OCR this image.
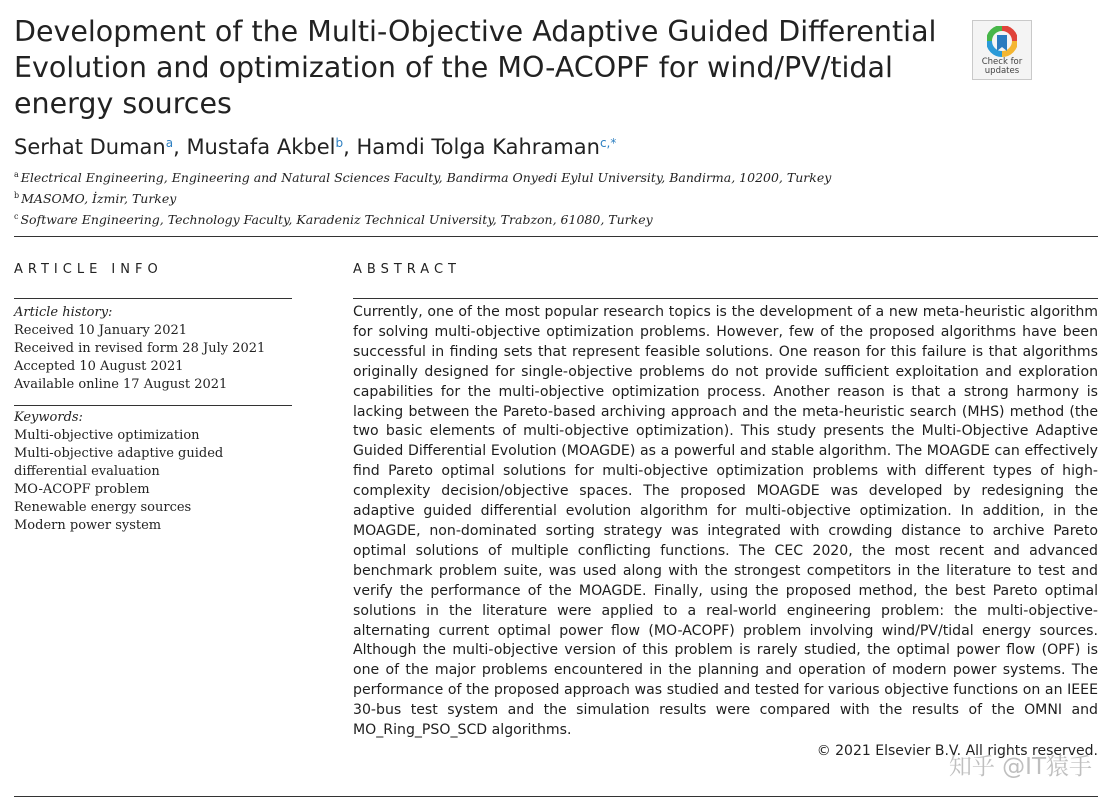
Development of the Multi-Objective Adaptive Guided Differential Evolution and optimization of the MO-ACOPF for wind/PV/tidal energy sources
Check for updates
Serhat Duman$^a$, Mustafa Akbel$^b$, Hamdi Tolga Kahraman$^{c,*}$
$^a$ Electrical Engineering, Engineering and Natural Sciences Faculty, Bandirma Onyedi Eylul University, Bandirma, 10200, Turkey
$^b$ MASOMO, İzmir, Turkey
$^c$ Software Engineering, Technology Faculty, Karadeniz Technical University, Trabzon, 61080, Turkey
ARTICLE INFO	ABSTRACT
Article history:
Received 10 January 2021
Received in revised form 28 July 2021
Accepted 10 August 2021
Available online 17 August 2021
Keywords:
Multi-objective optimization
Multi-objective adaptive guided differential evaluation
MO-ACOPF problem
Renewable energy sources
Modern power system

Currently, one of the most popular research topics is the development of a new meta-heuristic algorithm for solving multi-objective optimization problems. However, few of the proposed algorithms have been successful in finding sets that represent feasible solutions. One reason for this failure is that algorithms originally designed for single-objective problems do not provide sufficient exploitation and exploration capabilities for the multi-objective optimization process. Another reason is that a strong harmony is lacking between the Pareto-based archiving approach and the meta-heuristic search (MHS) method (the two basic elements of multi-objective optimization). This study presents the Multi-Objective Adaptive Guided Differential Evolution (MOAGDE) as a powerful and stable algorithm. The MOAGDE can effectively find Pareto optimal solutions for multi-objective optimization problems with different types of high-complexity decision/objective spaces. The proposed MOAGDE was developed by redesigning the adaptive guided differential evolution algorithm for multi-objective optimization. In addition, in the MOAGDE, non-dominated sorting strategy was integrated with crowding distance to archive Pareto optimal solutions of multiple conflicting functions. The CEC 2020, the most recent and advanced benchmark problem suite, was used along with the strongest competitors in the literature to test and verify the performance of the MOAGDE. Finally, using the proposed method, the best Pareto optimal solutions in the literature were applied to a real-world engineering problem: the multi-objective-alternating current optimal power flow (MO-ACOPF) problem involving wind/PV/tidal energy sources. Although the multi-objective version of this problem is rarely studied, the optimal power flow (OPF) is one of the major problems encountered in the planning and operation of modern power systems. The performance of the proposed approach was studied and tested for various objective functions on an IEEE 30-bus test system and the simulation results were compared with the results of the OMNI and MO_Ring_PSO_SCD algorithms.

© 2021 Elsevier B.V. All rights reserved.
知乎 @IT猿手
